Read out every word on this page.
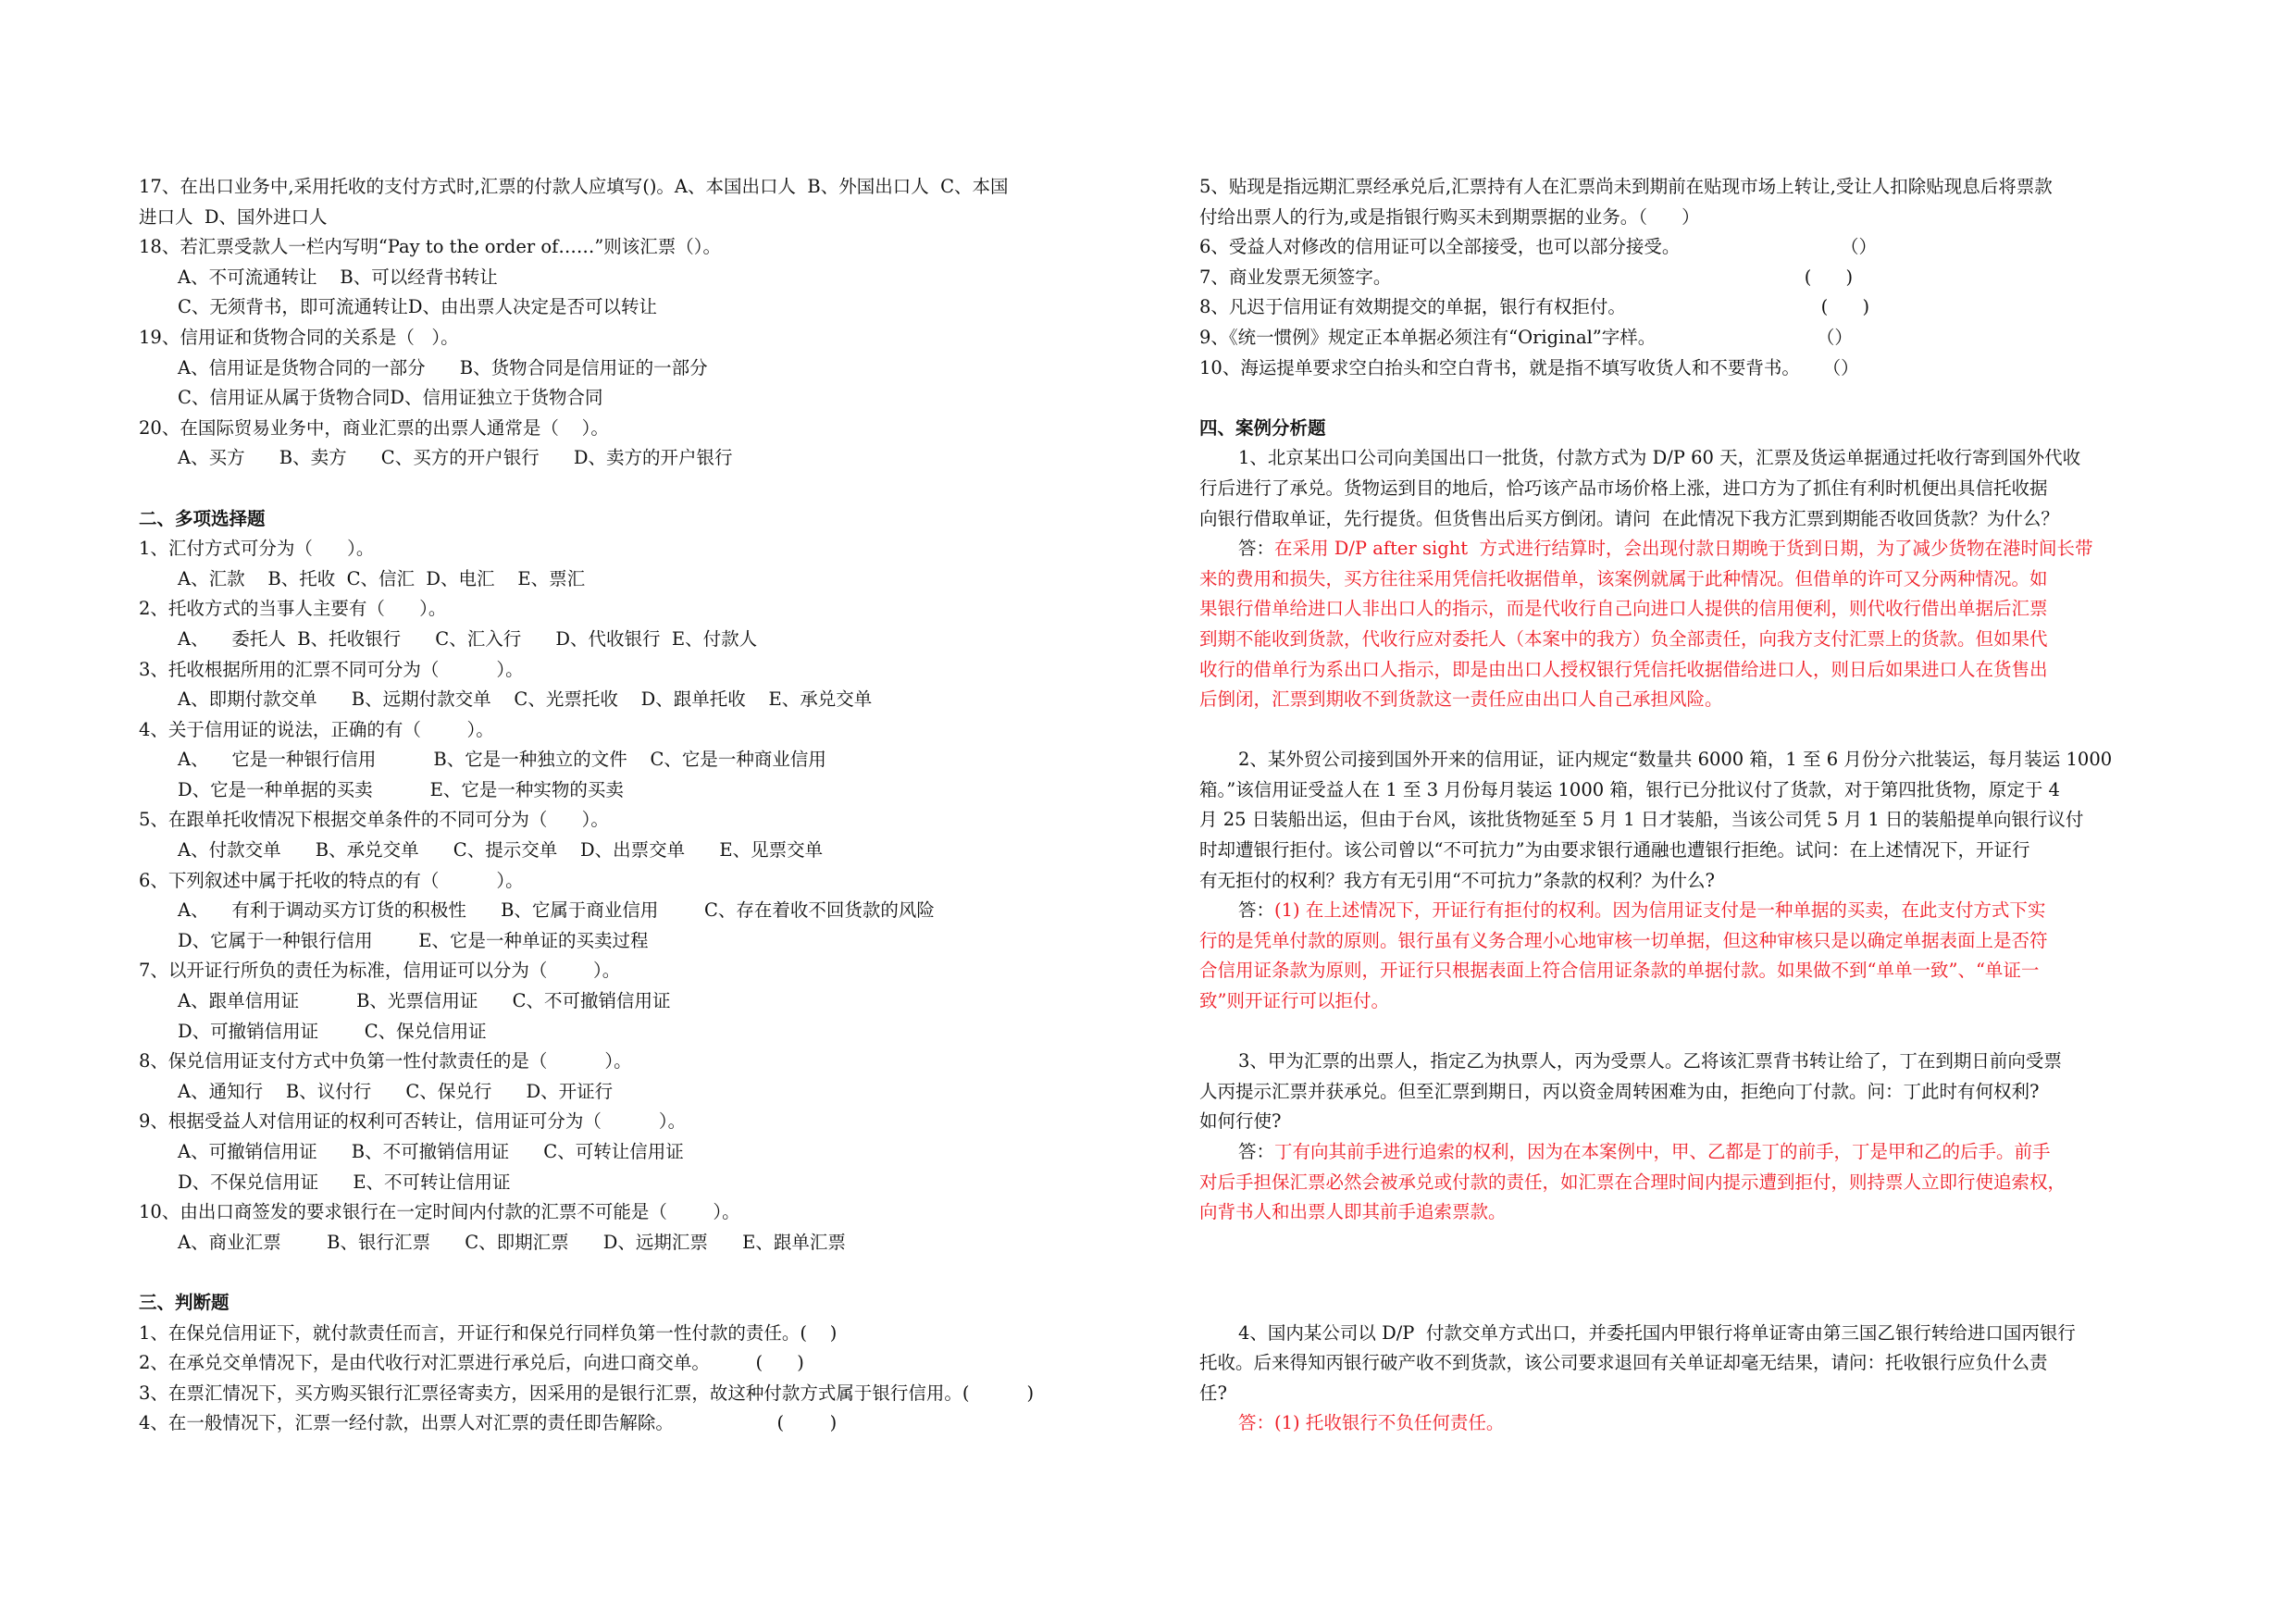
17、在出口业务中,采用托收的支付方式时,汇票的付款人应填写()。A、本国出口人  B、外国出口人  C、本国
进口人  D、国外进口人
18、若汇票受款人一栏内写明“Pay to the order of……”则该汇票（）。
A、不可流通转让    B、可以经背书转让
C、无须背书，即可流通转让D、由出票人决定是否可以转让
19、信用证和货物合同的关系是（   ）。
A、信用证是货物合同的一部分      B、货物合同是信用证的一部分
C、信用证从属于货物合同D、信用证独立于货物合同
20、在国际贸易业务中，商业汇票的出票人通常是（    ）。
A、买方      B、卖方      C、买方的开户银行      D、卖方的开户银行
二、多项选择题
1、汇付方式可分为（      ）。
A、汇款    B、托收  C、信汇  D、电汇    E、票汇
2、托收方式的当事人主要有（      ）。
A、    委托人  B、托收银行      C、汇入行      D、代收银行  E、付款人
3、托收根据所用的汇票不同可分为（          ）。
A、即期付款交单      B、远期付款交单    C、光票托收    D、跟单托收    E、承兑交单
4、关于信用证的说法，正确的有（        ）。
A、    它是一种银行信用          B、它是一种独立的文件    C、它是一种商业信用
D、它是一种单据的买卖          E、它是一种实物的买卖
5、在跟单托收情况下根据交单条件的不同可分为（      ）。
A、付款交单      B、承兑交单      C、提示交单    D、出票交单      E、见票交单
6、下列叙述中属于托收的特点的有（          ）。
A、    有利于调动买方订货的积极性      B、它属于商业信用        C、存在着收不回货款的风险
D、它属于一种银行信用        E、它是一种单证的买卖过程
7、以开证行所负的责任为标准，信用证可以分为（        ）。
A、跟单信用证          B、光票信用证      C、不可撤销信用证
D、可撤销信用证        C、保兑信用证
8、保兑信用证支付方式中负第一性付款责任的是（          ）。
A、通知行    B、议付行      C、保兑行      D、开证行
9、根据受益人对信用证的权利可否转让，信用证可分为（          ）。
A、可撤销信用证      B、不可撤销信用证      C、可转让信用证
D、不保兑信用证      E、不可转让信用证
10、由出口商签发的要求银行在一定时间内付款的汇票不可能是（        ）。
A、商业汇票        B、银行汇票      C、即期汇票      D、远期汇票      E、跟单汇票
三、判断题
1、在保兑信用证下，就付款责任而言，开证行和保兑行同样负第一性付款的责任。(    )
2、在承兑交单情况下，是由代收行对汇票进行承兑后，向进口商交单。        (      )
3、在票汇情况下，买方购买银行汇票径寄卖方，因采用的是银行汇票，故这种付款方式属于银行信用。(          )
4、在一般情况下，汇票一经付款，出票人对汇票的责任即告解除。                  (        )
5、贴现是指远期汇票经承兑后,汇票持有人在汇票尚未到期前在贴现市场上转让,受让人扣除贴现息后将票款
付给出票人的行为,或是指银行购买未到期票据的业务。（      ）
6、受益人对修改的信用证可以全部接受，也可以部分接受。                            （）
7、商业发票无须签字。                                                                        (      )
8、凡迟于信用证有效期提交的单据，银行有权拒付。                                  (      )
9、《统一惯例》规定正本单据必须注有“Original”字样。                            （）
10、海运提单要求空白抬头和空白背书，就是指不填写收货人和不要背书。    （）
四、案例分析题
1、北京某出口公司向美国出口一批货，付款方式为 D/P 60 天，汇票及货运单据通过托收行寄到国外代收
行后进行了承兑。货物运到目的地后，恰巧该产品市场价格上涨，进口方为了抓住有利时机便出具信托收据
向银行借取单证，先行提货。但货售出后买方倒闭。请问  在此情况下我方汇票到期能否收回货款？为什么？
答：在采用 D/P after sight  方式进行结算时，会出现付款日期晚于货到日期，为了减少货物在港时间长带
来的费用和损失，买方往往采用凭信托收据借单，该案例就属于此种情况。但借单的许可又分两种情况。如
果银行借单给进口人非出口人的指示，而是代收行自己向进口人提供的信用便利，则代收行借出单据后汇票
到期不能收到货款，代收行应对委托人（本案中的我方）负全部责任，向我方支付汇票上的货款。但如果代
收行的借单行为系出口人指示，即是由出口人授权银行凭信托收据借给进口人，则日后如果进口人在货售出
后倒闭，汇票到期收不到货款这一责任应由出口人自己承担风险。
2、某外贸公司接到国外开来的信用证，证内规定“数量共 6000 箱，1 至 6 月份分六批装运，每月装运 1000
箱。”该信用证受益人在 1 至 3 月份每月装运 1000 箱，银行已分批议付了货款，对于第四批货物，原定于 4
月 25 日装船出运，但由于台风，该批货物延至 5 月 1 日才装船，当该公司凭 5 月 1 日的装船提单向银行议付
时却遭银行拒付。该公司曾以“不可抗力”为由要求银行通融也遭银行拒绝。试问：在上述情况下，开证行
有无拒付的权利？我方有无引用“不可抗力”条款的权利？为什么?
答：(1) 在上述情况下，开证行有拒付的权利。因为信用证支付是一种单据的买卖，在此支付方式下实
行的是凭单付款的原则。银行虽有义务合理小心地审核一切单据，但这种审核只是以确定单据表面上是否符
合信用证条款为原则，开证行只根据表面上符合信用证条款的单据付款。如果做不到“单单一致”、“单证一
致”则开证行可以拒付。
3、甲为汇票的出票人，指定乙为执票人，丙为受票人。乙将该汇票背书转让给了，丁在到期日前向受票
人丙提示汇票并获承兑。但至汇票到期日，丙以资金周转困难为由，拒绝向丁付款。问：丁此时有何权利?
如何行使?
答：丁有向其前手进行追索的权利，因为在本案例中，甲、乙都是丁的前手，丁是甲和乙的后手。前手
对后手担保汇票必然会被承兑或付款的责任，如汇票在合理时间内提示遭到拒付，则持票人立即行使追索权，
向背书人和出票人即其前手追索票款。
4、国内某公司以 D/P  付款交单方式出口，并委托国内甲银行将单证寄由第三国乙银行转给进口国丙银行
托收。后来得知丙银行破产收不到货款，该公司要求退回有关单证却毫无结果，请问：托收银行应负什么责
任?
答：(1) 托收银行不负任何责任。
